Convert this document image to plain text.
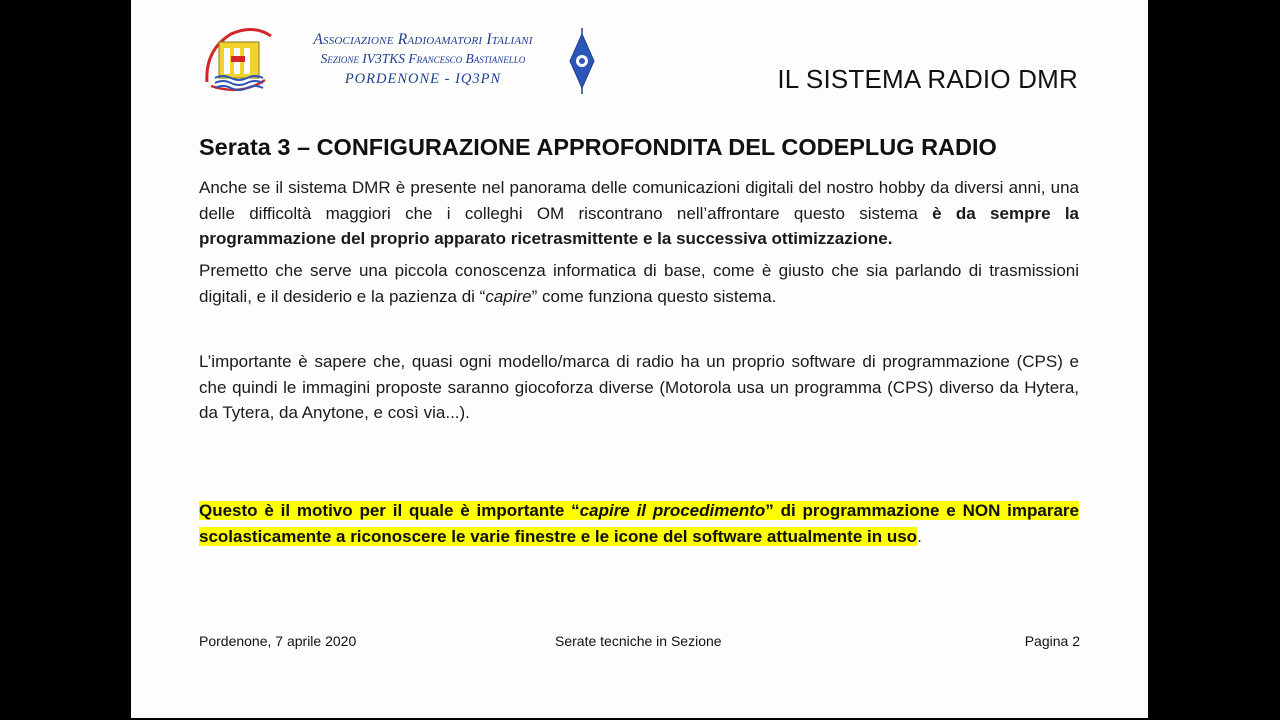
Associazione Radioamatori Italiani
Sezione IV3TKS Francesco Bastianello
PORDENONE - IQ3PN	IL SISTEMA RADIO DMR
Serata 3 – CONFIGURAZIONE APPROFONDITA DEL CODEPLUG RADIO
Anche se il sistema DMR è presente nel panorama delle comunicazioni digitali del nostro hobby da diversi anni, una delle difficoltà maggiori che i colleghi OM riscontrano nell’affrontare questo sistema è da sempre la programmazione del proprio apparato ricetrasmittente e la successiva ottimizzazione.
Premetto che serve una piccola conoscenza informatica di base, come è giusto che sia parlando di trasmissioni digitali, e il desiderio e la pazienza di “capire” come funziona questo sistema.
L’importante è sapere che, quasi ogni modello/marca di radio ha un proprio software di programmazione (CPS) e che quindi le immagini proposte saranno giocoforza diverse (Motorola usa un programma (CPS) diverso da Hytera, da Tytera, da Anytone, e così via...).
Questo è il motivo per il quale è importante “capire il procedimento” di programmazione e NON imparare scolasticamente a riconoscere le varie finestre e le icone del software attualmente in uso.
Pordenone, 7 aprile 2020	Serate tecniche in Sezione	Pagina 2
